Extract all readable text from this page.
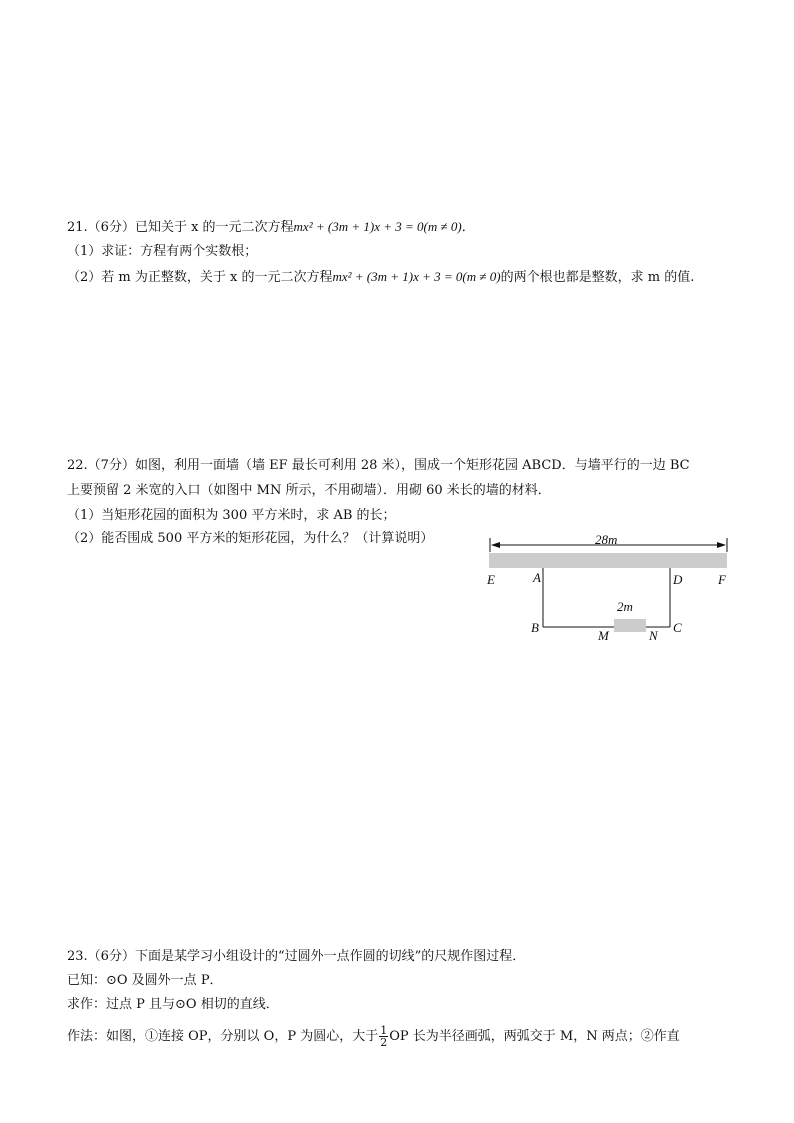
21.（6分）已知关于 x 的一元二次方程mx² + (3m + 1)x + 3 = 0(m ≠ 0)．
（1）求证：方程有两个实数根；
（2）若 m 为正整数，关于 x 的一元二次方程mx² + (3m + 1)x + 3 = 0(m ≠ 0)的两个根也都是整数，求 m 的值.
22.（7分）如图，利用一面墙（墙 EF 最长可利用 28 米），围成一个矩形花园 ABCD．与墙平行的一边 BC
上要预留 2 米宽的入口（如图中 MN 所示，不用砌墙）．用砌 60 米长的墙的材料．
（1）当矩形花园的面积为 300 平方米时，求 AB 的长；
（2）能否围成 500 平方米的矩形花园，为什么？（计算说明）	28m
E	A	D	F
2m
B
M	N
C
23.（6分）下面是某学习小组设计的“过圆外一点作圆的切线”的尺规作图过程．
已知：⊙O 及圆外一点 P．
求作：过点 P 且与⊙O 相切的直线．
作法：如图，①连接 OP，分别以 O，P 为圆心，大于 $\frac{1}{2}$ OP 长为半径画弧，两弧交于 M，N 两点；②作直
